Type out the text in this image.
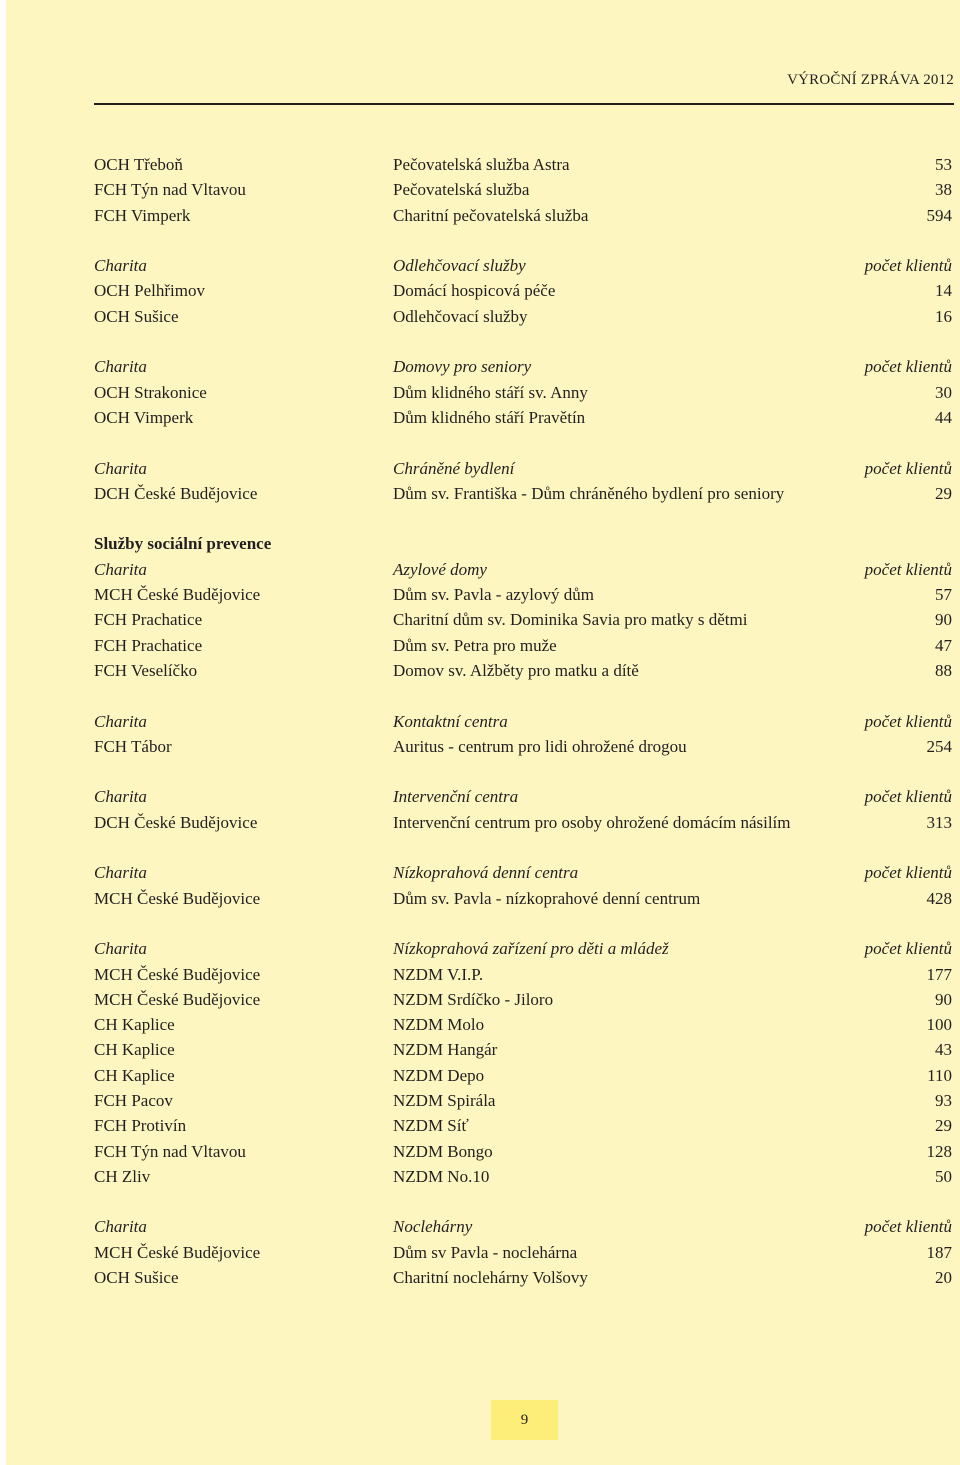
VÝROČNÍ ZPRÁVA 2012
OCH Třeboň	Pečovatelská služba Astra	53
FCH Týn nad Vltavou	Pečovatelská služba	38
FCH Vimperk	Charitní pečovatelská služba	594
Charita	Odlehčovací služby	počet klientů
OCH Pelhřimov	Domácí hospicová péče	14
OCH Sušice	Odlehčovací služby	16
Charita	Domovy pro seniory	počet klientů
OCH Strakonice	Dům klidného stáří sv. Anny	30
OCH Vimperk	Dům klidného stáří Pravětín	44
Charita	Chráněné bydlení	počet klientů
DCH České Budějovice	Dům sv. Františka - Dům chráněného bydlení pro seniory	29
Služby sociální prevence
Charita	Azylové domy	počet klientů
MCH České Budějovice	Dům sv. Pavla - azylový dům	57
FCH Prachatice	Charitní dům sv. Dominika Savia pro matky s dětmi	90
FCH Prachatice	Dům sv. Petra pro muže	47
FCH Veselíčko	Domov sv. Alžběty pro matku a dítě	88
Charita	Kontaktní centra	počet klientů
FCH Tábor	Auritus - centrum pro lidi ohrožené drogou	254
Charita	Intervenční centra	počet klientů
DCH České Budějovice	Intervenční centrum pro osoby ohrožené domácím násilím	313
Charita	Nízkoprahová denní centra	počet klientů
MCH České Budějovice	Dům sv. Pavla - nízkoprahové denní centrum	428
Charita	Nízkoprahová zařízení pro děti a mládež	počet klientů
MCH České Budějovice	NZDM V.I.P.	177
MCH České Budějovice	NZDM Srdíčko - Jiloro	90
CH Kaplice	NZDM Molo	100
CH Kaplice	NZDM Hangár	43
CH Kaplice	NZDM Depo	110
FCH Pacov	NZDM Spirála	93
FCH Protivín	NZDM Síť	29
FCH Týn nad Vltavou	NZDM Bongo	128
CH Zliv	NZDM No.10	50
Charita	Noclehárny	počet klientů
MCH České Budějovice	Dům sv Pavla - noclehárna	187
OCH Sušice	Charitní noclehárny Volšovy	20
9
